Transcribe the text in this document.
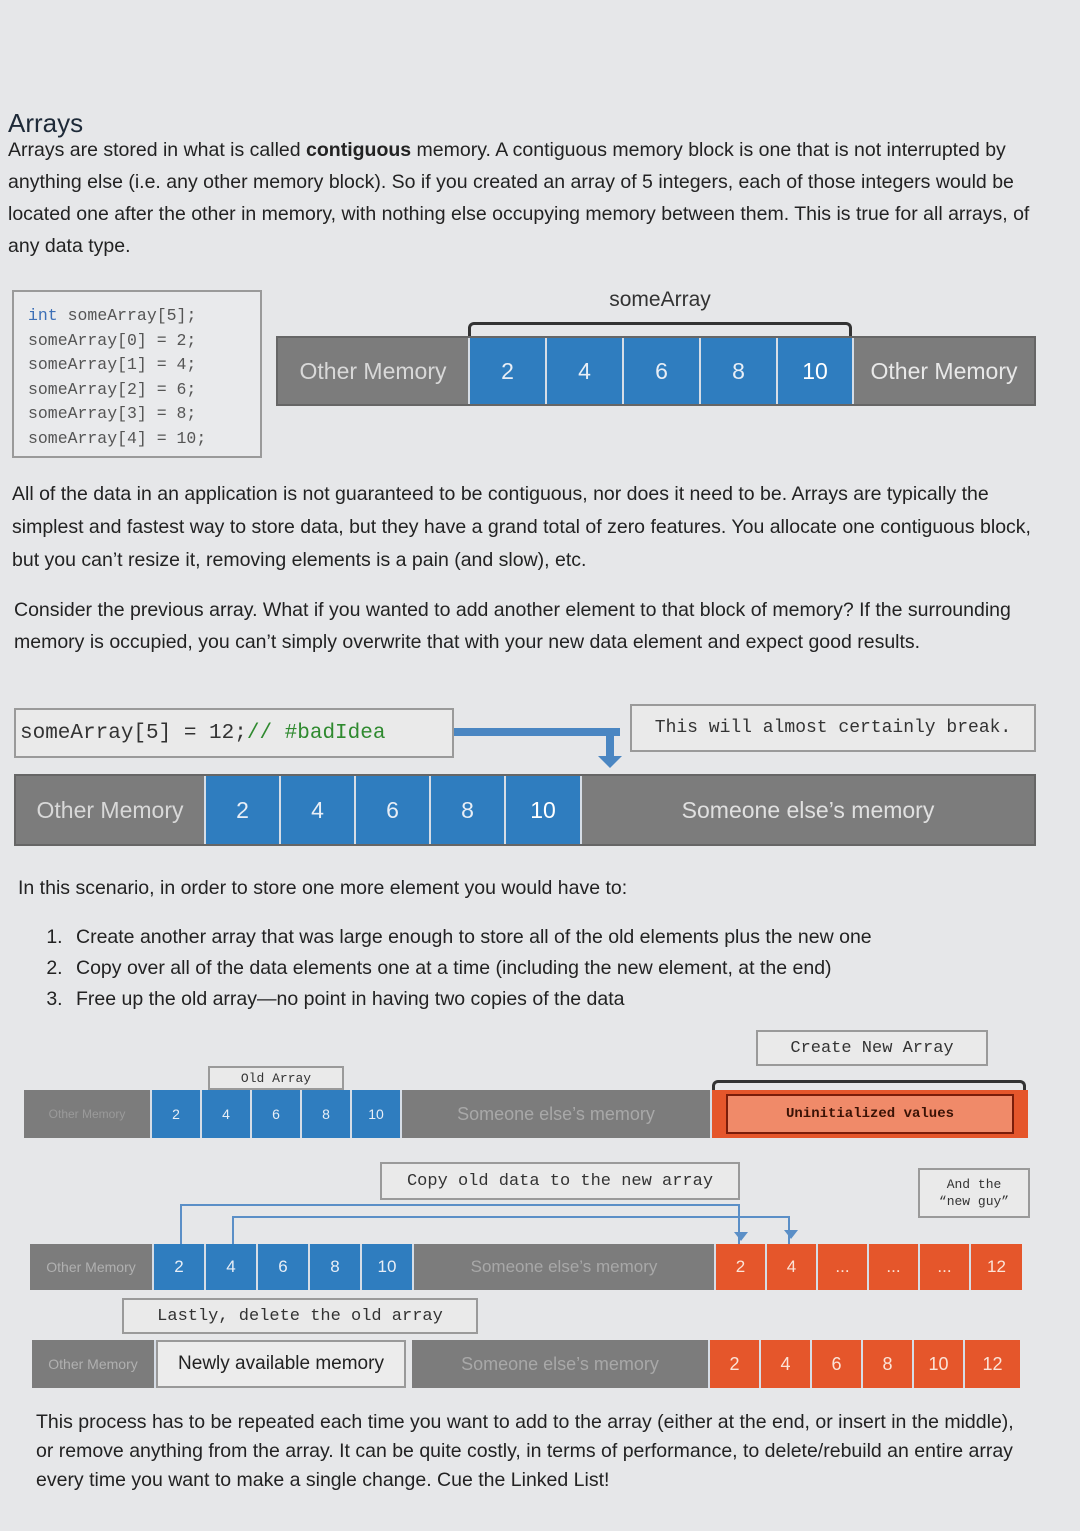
Arrays
Arrays are stored in what is called contiguous memory. A contiguous memory block is one that is not interrupted by anything else (i.e. any other memory block). So if you created an array of 5 integers, each of those integers would be located one after the other in memory, with nothing else occupying memory between them. This is true for all arrays, of any data type.
int someArray[5];
someArray[0] = 2;
someArray[1] = 4;
someArray[2] = 6;
someArray[3] = 8;
someArray[4] = 10;
someArray
Other Memory	2	4	6	8	10	Other Memory
All of the data in an application is not guaranteed to be contiguous, nor does it need to be. Arrays are typically the simplest and fastest way to store data, but they have a grand total of zero features. You allocate one contiguous block, but you can’t resize it, removing elements is a pain (and slow), etc.
Consider the previous array. What if you wanted to add another element to that block of memory? If the surrounding memory is occupied, you can’t simply overwrite that with your new data element and expect good results.
someArray[5] = 12; // #badIdea	This will almost certainly break.
Other Memory	2	4	6	8	10	Someone else’s memory
In this scenario, in order to store one more element you would have to:
1. Create another array that was large enough to store all of the old elements plus the new one
2. Copy over all of the data elements one at a time (including the new element, at the end)
3. Free up the old array—no point in having two copies of the data
Create New Array
Old Array
Other Memory	2	4	6	8	10	Someone else’s memory	Uninitialized values
Copy old data to the new array	And the
“new guy”
Other Memory	2	4	6	8	10	Someone else’s memory	2	4	...	...	...	12
Lastly, delete the old array
Other Memory	Newly available memory	Someone else’s memory	2	4	6	8	10	12
This process has to be repeated each time you want to add to the array (either at the end, or insert in the middle), or remove anything from the array. It can be quite costly, in terms of performance, to delete/rebuild an entire array every time you want to make a single change. Cue the Linked List!
